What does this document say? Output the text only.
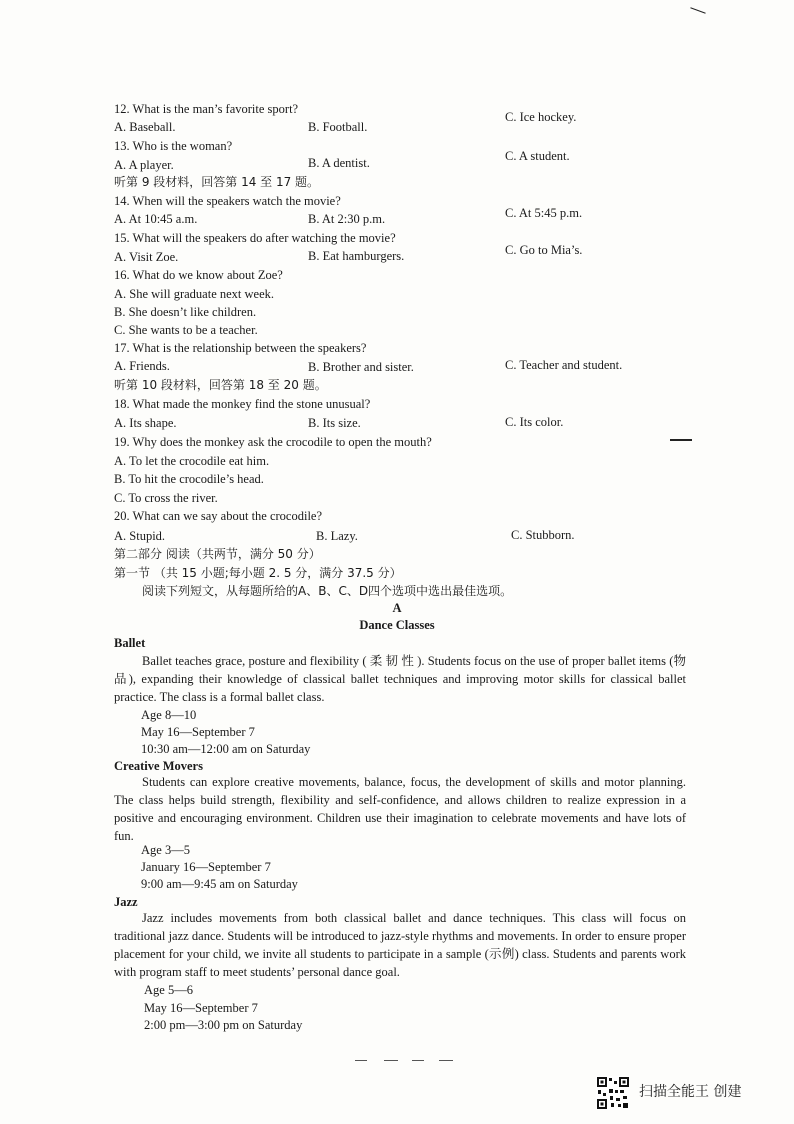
12. What is the man’s favorite sport?
A. Baseball.	B. Football.
C. Ice hockey.
13. Who is the woman?
A. A player.	B. A dentist.	C. A student.
听第 9 段材料，回答第 14 至 17 题。
14. When will the speakers watch the movie?
A. At 10:45 a.m.	B. At 2:30 p.m.	C. At 5:45 p.m.
15. What will the speakers do after watching the movie?
A. Visit Zoe.	B. Eat hamburgers.	C. Go to Mia’s.
16. What do we know about Zoe?
A. She will graduate next week.
B. She doesn’t like children.
C. She wants to be a teacher.
17. What is the relationship between the speakers?
A. Friends.	B. Brother and sister.	C. Teacher and student.
听第 10 段材料，回答第 18 至 20 题。
18. What made the monkey find the stone unusual?
A. Its shape.	B. Its size.	C. Its color.
19. Why does the monkey ask the crocodile to open the mouth?
A. To let the crocodile eat him.
B. To hit the crocodile’s head.
C. To cross the river.
20. What can we say about the crocodile?
A. Stupid.	B. Lazy.	C. Stubborn.
第二部分 阅读（共两节，满分 50 分）
第一节 （共 15 小题;每小题 2. 5 分，满分 37.5 分）
阅读下列短文，从每题所给的A、B、C、D四个选项中选出最佳选项。
A
Dance Classes
Ballet
Ballet teaches grace, posture and flexibility ( 柔 韧 性 ). Students focus on the use of proper ballet items (物品), expanding their knowledge of classical ballet techniques and improving motor skills for classical ballet practice. The class is a formal ballet class.
Age 8—10
May 16—September 7
10:30 am—12:00 am on Saturday
Creative Movers
Students can explore creative movements, balance, focus, the development of skills and motor planning. The class helps build strength, flexibility and self-confidence, and allows children to realize expression in a positive and encouraging environment. Children use their imagination to celebrate movements and have lots of fun.
Age 3—5
January 16—September 7
9:00 am—9:45 am on Saturday
Jazz
Jazz includes movements from both classical ballet and dance techniques. This class will focus on traditional jazz dance. Students will be introduced to jazz-style rhythms and movements. In order to ensure proper placement for your child, we invite all students to participate in a sample (示例) class. Students and parents work with program staff to meet students’ personal dance goal.
Age 5—6
May 16—September 7
2:00 pm—3:00 pm on Saturday
扫描全能王 创建
